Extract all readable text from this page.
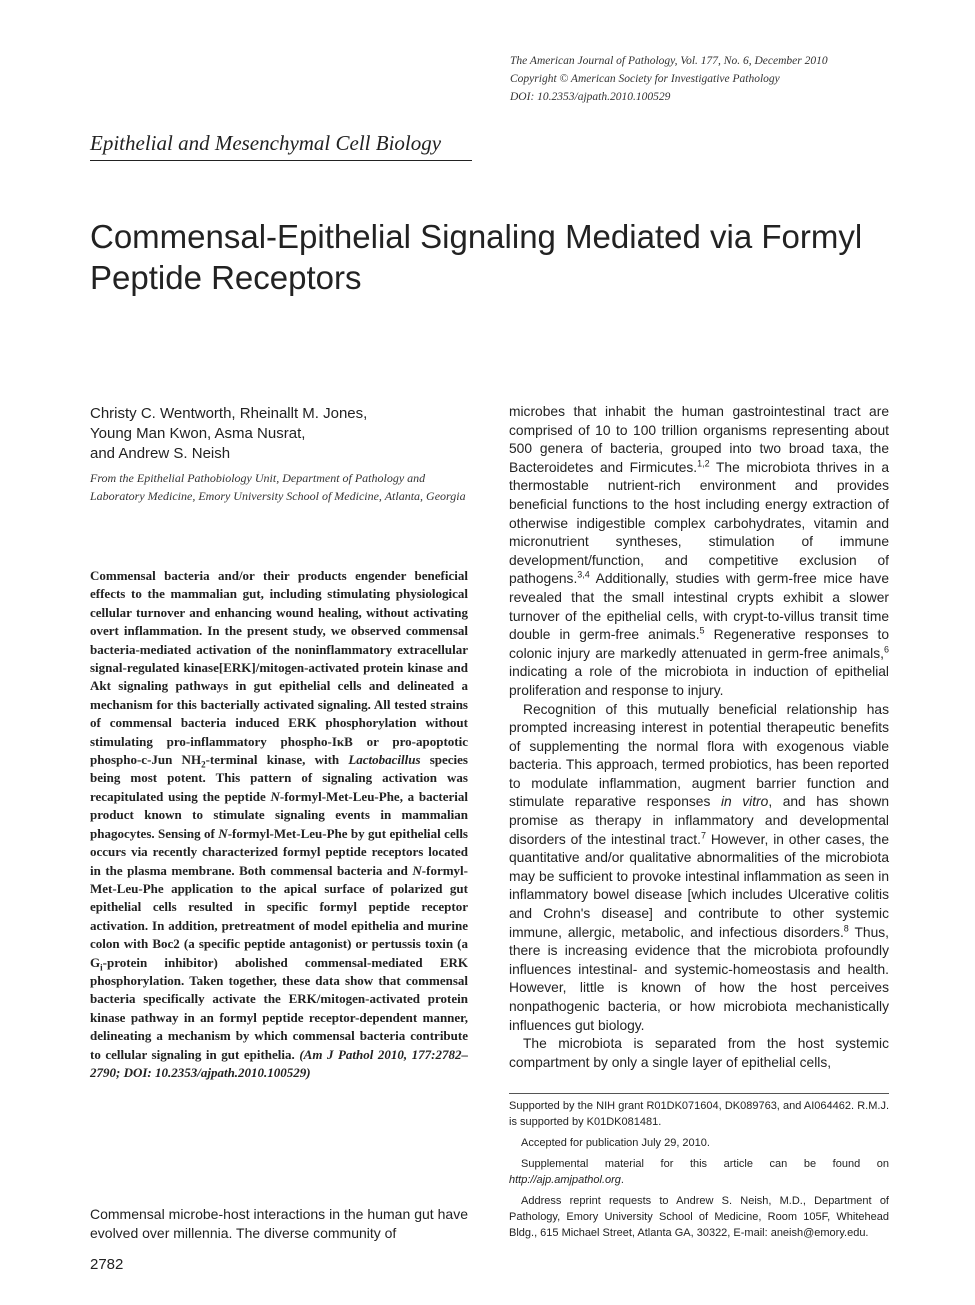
The American Journal of Pathology, Vol. 177, No. 6, December 2010
Copyright © American Society for Investigative Pathology
DOI: 10.2353/ajpath.2010.100529
Epithelial and Mesenchymal Cell Biology
Commensal-Epithelial Signaling Mediated via Formyl Peptide Receptors
Christy C. Wentworth, Rheinallt M. Jones,
Young Man Kwon, Asma Nusrat,
and Andrew S. Neish
From the Epithelial Pathobiology Unit, Department of Pathology and Laboratory Medicine, Emory University School of Medicine, Atlanta, Georgia
Commensal bacteria and/or their products engender beneficial effects to the mammalian gut, including stimulating physiological cellular turnover and enhancing wound healing, without activating overt inflammation. In the present study, we observed commensal bacteria-mediated activation of the noninflammatory extracellular signal-regulated kinase[ERK]/mitogen-activated protein kinase and Akt signaling pathways in gut epithelial cells and delineated a mechanism for this bacterially activated signaling. All tested strains of commensal bacteria induced ERK phosphorylation without stimulating pro-inflammatory phospho-IκB or pro-apoptotic phospho-c-Jun $NH_2$-terminal kinase, with Lactobacillus species being most potent. This pattern of signaling activation was recapitulated using the peptide N-formyl-Met-Leu-Phe, a bacterial product known to stimulate signaling events in mammalian phagocytes. Sensing of N-formyl-Met-Leu-Phe by gut epithelial cells occurs via recently characterized formyl peptide receptors located in the plasma membrane. Both commensal bacteria and N-formyl-Met-Leu-Phe application to the apical surface of polarized gut epithelial cells resulted in specific formyl peptide receptor activation. In addition, pretreatment of model epithelia and murine colon with Boc2 (a specific peptide antagonist) or pertussis toxin (a $G_i$-protein inhibitor) abolished commensal-mediated ERK phosphorylation. Taken together, these data show that commensal bacteria specifically activate the ERK/mitogen-activated protein kinase pathway in an formyl peptide receptor-dependent manner, delineating a mechanism by which commensal bacteria contribute to cellular signaling in gut epithelia. (Am J Pathol 2010, 177:2782–2790; DOI: 10.2353/ajpath.2010.100529)
Commensal microbe-host interactions in the human gut have evolved over millennia. The diverse community of
2782

microbes that inhabit the human gastrointestinal tract are comprised of 10 to 100 trillion organisms representing about 500 genera of bacteria, grouped into two broad taxa, the Bacteroidetes and Firmicutes.$^{1,2}$ The microbiota thrives in a thermostable nutrient-rich environment and provides beneficial functions to the host including energy extraction of otherwise indigestible complex carbohydrates, vitamin and micronutrient syntheses, stimulation of immune development/function, and competitive exclusion of pathogens.$^{3,4}$ Additionally, studies with germ-free mice have revealed that the small intestinal crypts exhibit a slower turnover of the epithelial cells, with crypt-to-villus transit time double in germ-free animals.$^5$ Regenerative responses to colonic injury are markedly attenuated in germ-free animals,$^6$ indicating a role of the microbiota in induction of epithelial proliferation and response to injury.

Recognition of this mutually beneficial relationship has prompted increasing interest in potential therapeutic benefits of supplementing the normal flora with exogenous viable bacteria. This approach, termed probiotics, has been reported to modulate inflammation, augment barrier function and stimulate reparative responses in vitro, and has shown promise as therapy in inflammatory and developmental disorders of the intestinal tract.$^7$ However, in other cases, the quantitative and/or qualitative abnormalities of the microbiota may be sufficient to provoke intestinal inflammation as seen in inflammatory bowel disease [which includes Ulcerative colitis and Crohn's disease] and contribute to other systemic immune, allergic, metabolic, and infectious disorders.$^8$ Thus, there is increasing evidence that the microbiota profoundly influences intestinal- and systemic-homeostasis and health. However, little is known of how the host perceives nonpathogenic bacteria, or how microbiota mechanistically influences gut biology.

The microbiota is separated from the host systemic compartment by only a single layer of epithelial cells,

Supported by the NIH grant R01DK071604, DK089763, and AI064462. R.M.J. is supported by K01DK081481.

Accepted for publication July 29, 2010.

Supplemental material for this article can be found on http://ajp.amjpathol.org.

Address reprint requests to Andrew S. Neish, M.D., Department of Pathology, Emory University School of Medicine, Room 105F, Whitehead Bldg., 615 Michael Street, Atlanta GA, 30322, E-mail: aneish@emory.edu.
